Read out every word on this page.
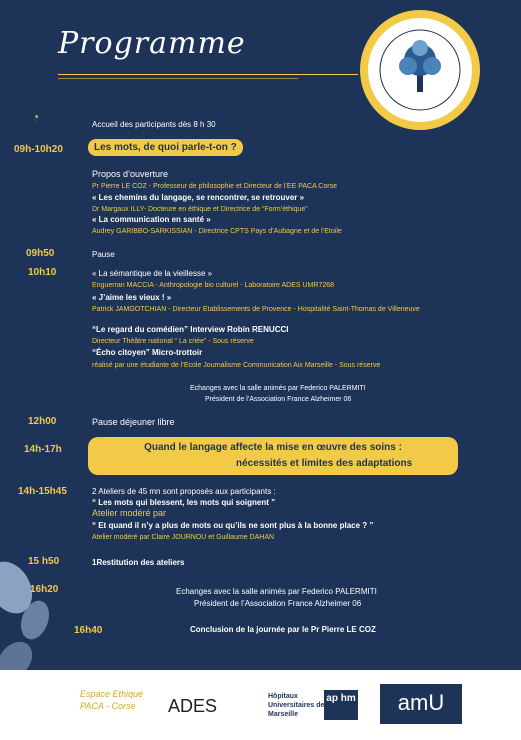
Programme
◔
Accueil des participants dès 8 h 30
09h-10h20	Les mots, de quoi parle-t-on ?
Propos d’ouverture
Pr Pierre LE COZ - Professeur de philosophie et Directeur de l’EE PACA Corse
« Les chemins du langage, se rencontrer, se retrouver »
Dr Margaux ILLY- Docteure en éthique et Directrice de “Form’éthique”
« La communication en santé »
Audrey GARIBBO-SARKISSIAN - Directrice CPTS Pays d’Aubagne et de l’Etoile
09h50	Pause
10h10	« La sémantique de la vieillesse »
Enguerran MACCIA - Anthropologie bio culturel - Laboratoire ADES UMR7268
« J’aime les vieux ! »
Patrick JAMGOTCHIAN - Directeur Etablissements de Provence - Hospitalité Saint-Thomas de Villeneuve
“Le regard du comédien” Interview Robin RENUCCI
Directeur Théâtre national “ La criée” - Sous réserve
“Écho citoyen” Micro-trottoir
réalisé par une étudiante de l’Ecole Journalisme Communication Aix Marseille - Sous réserve
Echanges avec la salle animés par Federico PALERMITI
Président de l’Association France Alzheimer 06
12h00	Pause déjeuner libre
14h-17h	Quand le langage affecte la mise en œuvre des soins :
nécessités et limites des adaptations
14h-15h45	2 Ateliers de 45 mn sont proposés aux participants :
“ Les mots qui blessent, les mots qui soignent ”
Atelier modéré par
“ Et quand il n’y a plus de mots ou qu’ils ne sont plus à la bonne place ? ”
Atelier modéré par Claire JOURNOU et Guillaume DAHAN
15 h50	1Restitution des ateliers
16h20	Echanges avec la salle animés par Federico PALERMITI
Président de l’Association France Alzheimer 06
16h40	Conclusion de la journée par le Pr Pierre LE COZ
Espace Ethique PACA - Corse	ADES	Hôpitaux Universitaires de Marseille
ap hm	amU
